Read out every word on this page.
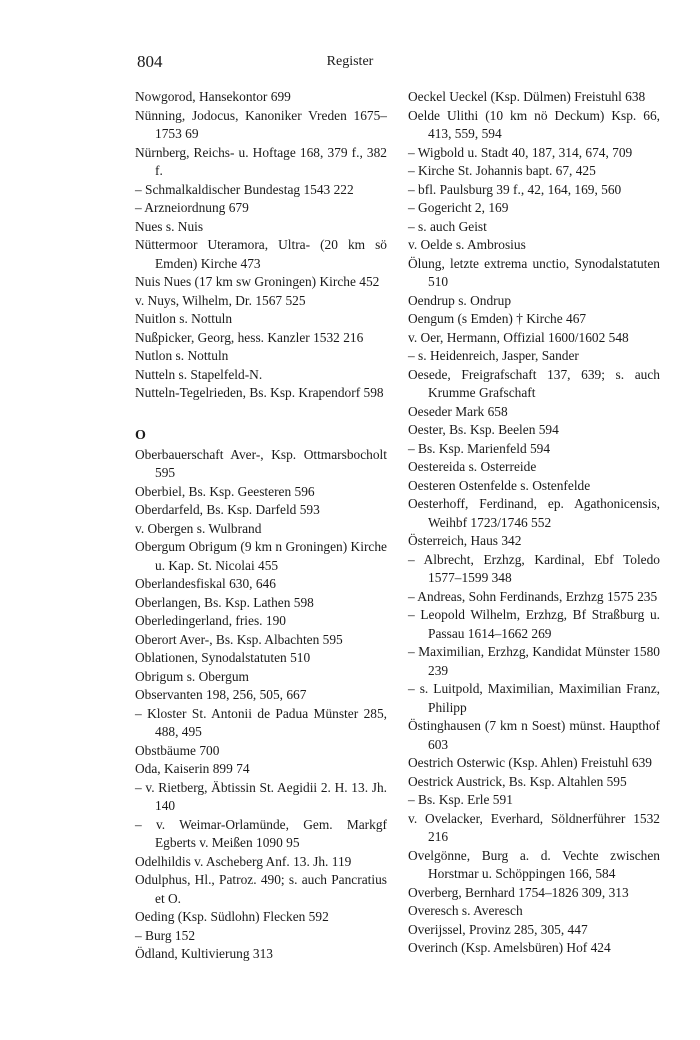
804	Register
Nowgorod, Hansekontor 699
Nünning, Jodocus, Kanoniker Vreden 1675–1753 69
Nürnberg, Reichs- u. Hoftage 168, 379 f., 382 f.
– Schmalkaldischer Bundestag 1543 222
– Arzneiordnung 679
Nues s. Nuis
Nüttermoor Uteramora, Ultra- (20 km sö Emden) Kirche 473
Nuis Nues (17 km sw Groningen) Kirche 452
v. Nuys, Wilhelm, Dr. 1567 525
Nuitlon s. Nottuln
Nußpicker, Georg, hess. Kanzler 1532 216
Nutlon s. Nottuln
Nutteln s. Stapelfeld-N.
Nutteln-Tegelrieden, Bs. Ksp. Krapendorf 598
O
Oberbauerschaft Aver-, Ksp. Ottmarsbocholt 595
Oberbiel, Bs. Ksp. Geesteren 596
Oberdarfeld, Bs. Ksp. Darfeld 593
v. Obergen s. Wulbrand
Obergum Obrigum (9 km n Groningen) Kirche u. Kap. St. Nicolai 455
Oberlandesfiskal 630, 646
Oberlangen, Bs. Ksp. Lathen 598
Oberledingerland, fries. 190
Oberort Aver-, Bs. Ksp. Albachten 595
Oblationen, Synodalstatuten 510
Obrigum s. Obergum
Observanten 198, 256, 505, 667
– Kloster St. Antonii de Padua Münster 285, 488, 495
Obstbäume 700
Oda, Kaiserin 899 74
– v. Rietberg, Äbtissin St. Aegidii 2. H. 13. Jh. 140
– v. Weimar-Orlamünde, Gem. Markgf Egberts v. Meißen 1090 95
Odelhildis v. Ascheberg Anf. 13. Jh. 119
Odulphus, Hl., Patroz. 490; s. auch Pancratius et O.
Oeding (Ksp. Südlohn) Flecken 592
– Burg 152
Ödland, Kultivierung 313
Oeckel Ueckel (Ksp. Dülmen) Freistuhl 638
Oelde Ulithi (10 km nö Deckum) Ksp. 66, 413, 559, 594
– Wigbold u. Stadt 40, 187, 314, 674, 709
– Kirche St. Johannis bapt. 67, 425
– bfl. Paulsburg 39 f., 42, 164, 169, 560
– Gogericht 2, 169
– s. auch Geist
v. Oelde s. Ambrosius
Ölung, letzte extrema unctio, Synodalstatuten 510
Oendrup s. Ondrup
Oengum (s Emden) † Kirche 467
v. Oer, Hermann, Offizial 1600/1602 548
– s. Heidenreich, Jasper, Sander
Oesede, Freigrafschaft 137, 639; s. auch Krumme Grafschaft
Oeseder Mark 658
Oester, Bs. Ksp. Beelen 594
– Bs. Ksp. Marienfeld 594
Oestereida s. Osterreide
Oesteren Ostenfelde s. Ostenfelde
Oesterhoff, Ferdinand, ep. Agathonicensis, Weihbf 1723/1746 552
Österreich, Haus 342
– Albrecht, Erzhzg, Kardinal, Ebf Toledo 1577–1599 348
– Andreas, Sohn Ferdinands, Erzhzg 1575 235
– Leopold Wilhelm, Erzhzg, Bf Straßburg u. Passau 1614–1662 269
– Maximilian, Erzhzg, Kandidat Münster 1580 239
– s. Luitpold, Maximilian, Maximilian Franz, Philipp
Östinghausen (7 km n Soest) münst. Haupthof 603
Oestrich Osterwic (Ksp. Ahlen) Freistuhl 639
Oestrick Austrick, Bs. Ksp. Altahlen 595
– Bs. Ksp. Erle 591
v. Ovelacker, Everhard, Söldnerführer 1532 216
Ovelgönne, Burg a. d. Vechte zwischen Horstmar u. Schöppingen 166, 584
Overberg, Bernhard 1754–1826 309, 313
Overesch s. Averesch
Overijssel, Provinz 285, 305, 447
Overinch (Ksp. Amelsbüren) Hof 424
